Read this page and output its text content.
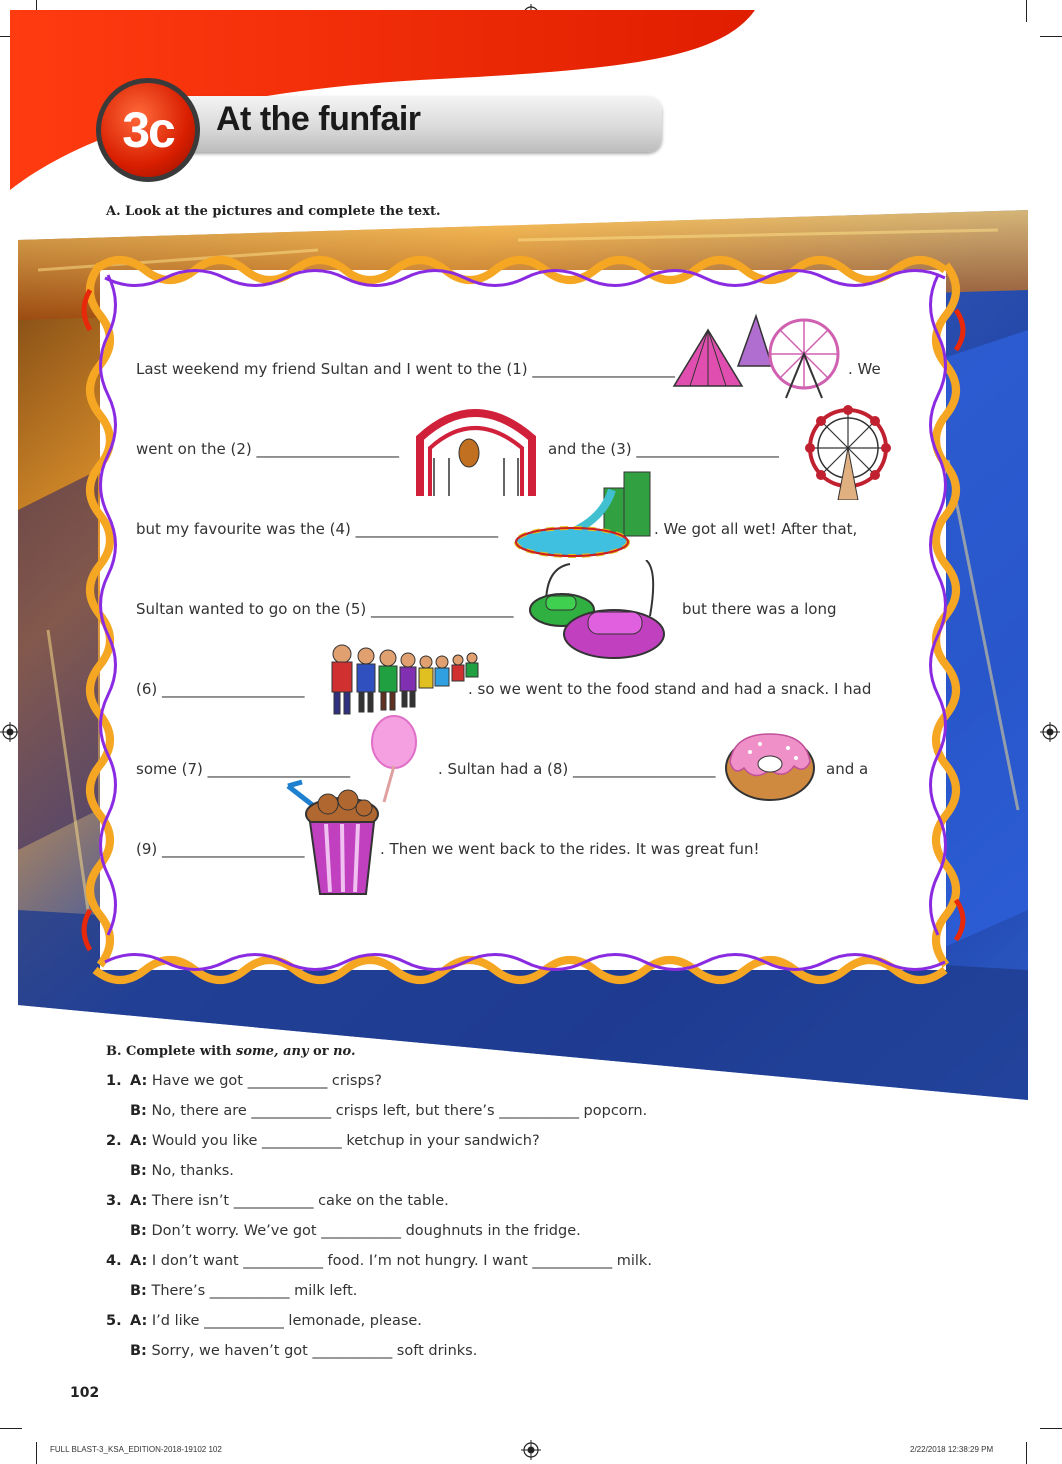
3c At the funfair
A. Look at the pictures and complete the text.
Last weekend my friend Sultan and I went to the (1) ___________________	. We
went on the (2) ___________________	and the (3) ___________________
but my favourite was the (4) ___________________	. We got all wet! After that,
Sultan wanted to go on the (5) ___________________	but there was a long
(6) ___________________	. so we went to the food stand and had a snack. I had
some (7) ___________________	. Sultan had a (8) ___________________	and a
(9) ___________________	. Then we went back to the rides. It was great fun!
B. Complete with some, any or no.
1. A: Have we got ___________ crisps?
B: No, there are ___________ crisps left, but there’s ___________ popcorn.
2. A: Would you like ___________ ketchup in your sandwich?
B: No, thanks.
3. A: There isn’t ___________ cake on the table.
B: Don’t worry. We’ve got ___________ doughnuts in the fridge.
4. A: I don’t want ___________ food. I’m not hungry. I want ___________ milk.
B: There’s ___________ milk left.
5. A: I’d like ___________ lemonade, please.
B: Sorry, we haven’t got ___________ soft drinks.
102
FULL BLAST-3_KSA_EDITION-2018-19102 102	2/22/2018 12:38:29 PM
